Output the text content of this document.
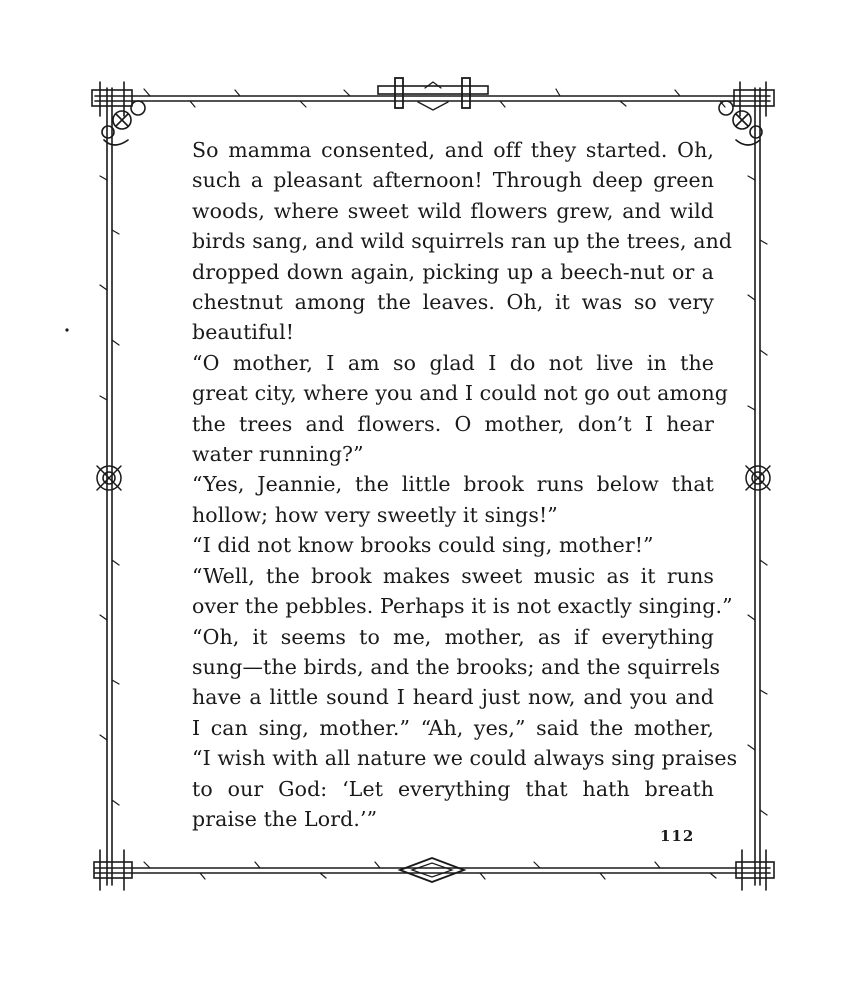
So mamma consented, and off they started. Oh,
such a pleasant afternoon! Through deep green
woods, where sweet wild flowers grew, and wild
birds sang, and wild squirrels ran up the trees, and
dropped down again, picking up a beech-nut or a
chestnut among the leaves. Oh, it was so very
beautiful!

“O mother, I am so glad I do not live in the
great city, where you and I could not go out among
the trees and flowers. O mother, don’t I hear
water running?”

“Yes, Jeannie, the little brook runs below that
hollow; how very sweetly it sings!”

“I did not know brooks could sing, mother!”

“Well, the brook makes sweet music as it runs
over the pebbles. Perhaps it is not exactly singing.”

“Oh, it seems to me, mother, as if everything
sung—the birds, and the brooks; and the squirrels
have a little sound I heard just now, and you and
I can sing, mother.” “Ah, yes,” said the mother,
“I wish with all nature we could always sing praises
to our God: ‘Let everything that hath breath
praise the Lord.’”

112
